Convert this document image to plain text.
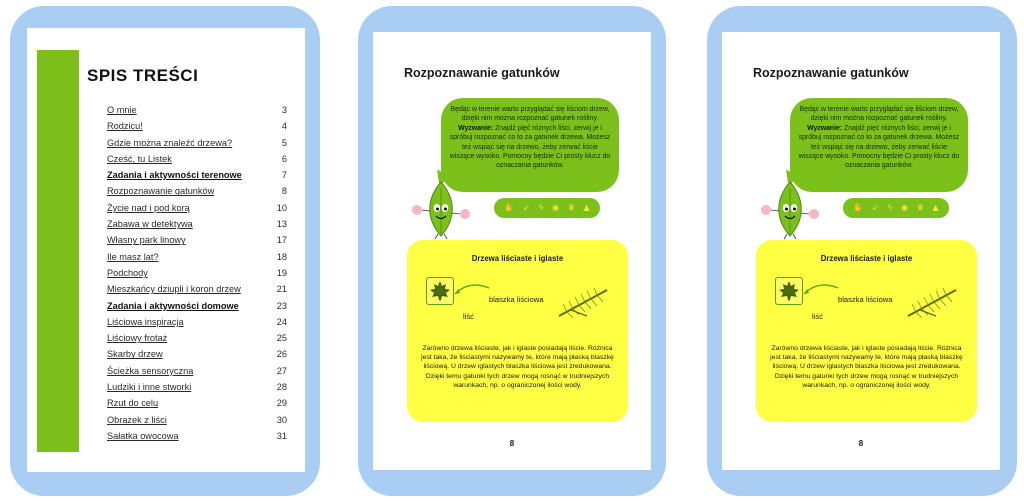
SPIS TREŚCI
O mnie	3
Rodzicu!	4
Gdzie można znaleźć drzewa?	5
Cześć, tu Listek	6
Zadania i aktywności terenowe	7
Rozpoznawanie gatunków	8
Życie nad i pod korą	10
Zabawa w detektywa	13
Własny park linowy	17
Ile masz lat?	18
Podchody	19
Mieszkańcy dziupli i koron drzew	21
Zadania i aktywności domowe	23
Liściowa inspiracja	24
Liściowy frotaż	25
Skarby drzew	26
Ścieżka sensoryczna	27
Ludziki i inne stworki	28
Rzut do celu	29
Obrazek z liści	30
Sałatka owocowa	31
Rozpoznawanie gatunków
Będąc w terenie warto przyglądać się liściom drzew, dzięki nim można rozpoznać gatunek rośliny.
Wyzwanie: Znajdź pięć różnych liści, zerwij je i spróbuj rozpoznać co to za gatunek drzewa. Możesz też wspiąć się na drzewo, żeby zerwać liście wiszące wysoko. Pomocny będzie Ci prosty klucz do oznaczania gatunków.
✋ ➶ ϟ ◉ ♛ ▲
Drzewa liściaste i iglaste
blaszka liściowa
liść
Zarówno drzewa liściaste, jak i iglaste posiadają liście. Różnica jest taka, że liściastymi nazywamy te, które mają płaską blaszkę liściową. U drzew iglastych blaszka liściowa jest zredukowana. Dzięki temu gatunki tych drzew mogą rosnąć w trudniejszych warunkach, np. o ograniczonej ilości wody.
8
Rozpoznawanie gatunków
Będąc w terenie warto przyglądać się liściom drzew, dzięki nim można rozpoznać gatunek rośliny.
Wyzwanie: Znajdź pięć różnych liści, zerwij je i spróbuj rozpoznać co to za gatunek drzewa. Możesz też wspiąć się na drzewo, żeby zerwać liście wiszące wysoko. Pomocny będzie Ci prosty klucz do oznaczania gatunków.
✋ ➶ ϟ ◉ ♛ ▲
Drzewa liściaste i iglaste
blaszka liściowa
liść
Zarówno drzewa liściaste, jak i iglaste posiadają liście. Różnica jest taka, że liściastymi nazywamy te, które mają płaską blaszkę liściową. U drzew iglastych blaszka liściowa jest zredukowana. Dzięki temu gatunki tych drzew mogą rosnąć w trudniejszych warunkach, np. o ograniczonej ilości wody.
8
